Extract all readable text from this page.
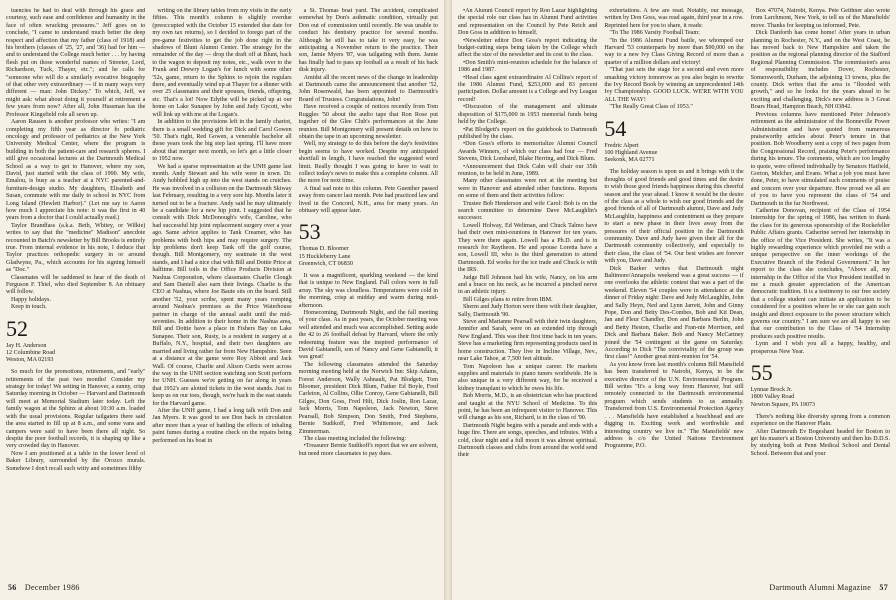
tuencies he had to deal with through his grace and courtesy, such ease and confidence and humanity in the face of often wracking pressures." Jeff goes on to conclude, "I came to understand much better the deep respect and affection that my father (class of 1918) and his brothers (classes of '25, '27, and '36) had for him — and to understand the College much better . . . by having flesh put on those wonderful names of Streeter, Lord, Richardson, Tuck, Thayer, etc."; and he calls for "someone who will do a similarly evocative biography of that other very extraordinary — if in many ways very different — man: John Dickey." To which, Jeff, we might ask: what about doing it yourself at retirement a few years from now? After all, John Hussman has the Professor Kingsfield role all sewn up.

Aaron Rausen is another professor who writes: "I am completing my fifth year as director fo pediatric oncology and professor of pediatrics at the New York University Medical Center, where the program is building in both the patient-care and research spheres. I still give occasional lectures at the Dartmouth Medical School as a way to get to Hanover, where my son, David, just started with the class of 1990. My wife, Emalou, is busy as a teacher at a NYC parented-and-furniture-design studio. My daughters, Elisabeth and Susan, commute with me daily to school in NYC from Long Island (Hewlett Harbor)." (Let me say to Aaron how much I appreciate his note: it was the first in 40 years from a doctor that I could actually read.)

Taylor Brandfass (a.k.a. Beth, Whitey, or Wilkie) writes to say that the "medicine" Madison" anecdote recounted in Batch's newsletter by Bill Brooks is entirely true. From internal evidence in his note, I deduce that Taylor practices orthopedic surgery in or around Gladwyne, Pa., which accounts for his signing himself as "Doc."

Classmates will be saddened to hear of the death of Ferguson F. Thiel, who died September 8. An obituary will follow.

Happy holidays.

Keep in touch.

52
Jay H. Anderson
12 Columbine Road
Weston, MA 02193

So much for the promotions, retirements, and "early" retirements of the past two months! Consider my strategy for today! We setting in Hanover, a sunny, crisp Saturday morning in October — Harvard and Dartmouth will meet at Memorial Stadium later today. Left the family wagon at the Sphinx at about 10:30 a.m. loaded with the usual provisions. Regular tailgaters there said the area started to fill up at 8 a.m., and some vans and campers were said to have been there all night. So despite the poor football records, it is shaping up like a very crowded day in Hanover.

Now I am positioned at a table in the lower level of Baker Library, surrounded by the Orozco murals. Somehow I don't recall such witty and sometimes filthy

writing on the library tables from my visits in the early fifties. This month's column is slightly overdue (preoccupied with the October 15 extended due date for my own tax returns), so I decided to forego part of the pre-game festivities to get the job done right in the shadows of Blunt Alumni Center. The strategy for the remainder of the day — drop the draft off at Blunt, back to the wagon to deposit my notes, etc., walk over to the Frank and Drewry Logan's for lunch with some other '52s, game, return to the Sphinx to rejoin the regulars there, and eventually wind up at Thayer for a dinner with over 25 classmates and their spouses, friends, offspring, etc. That's a lot! Now Edythe will be picked up at our home on Lake Sunapee by John and Judy Gycott, who will link up with me at the Logan's.

In addition to the provisions left in the family chariot, there is a small wedding gift for Dick and Carol Gowen '50. That's right, Red Gowen, a venerable bachelor all these years took the big step last spring. I'll have more about that merger next month, so let's get a little closer to 1952 now.

We had a sparse representation at the UNH game last month. Andy Stewart and his wife were in town. Dr. Andy hobbled high up into the west stands on crutches. He was involved in a collision on the Dartmouth Skiway last February, resulting in a very sore hip. Months later it turned out to be a fracture. Andy said he may ultimately be a candidate for a new hip joint. I suggested that he consult with Dick McDonough's wife, Caroline, who had successful hip joint replacement surgery over a year ago. Same advice applies to Tank Creamer, who has problems with both hips and may require surgery. The hip problems don't keep Tank off the golf course, though. Bill Montgomery, my seatmate in the west stands, and I had a nice chat with Bill and Dottie Price at halftime. Bill toils in the Office Products Division at Nashua Corporation, where classmates Charlie Clough and Sam Daniell also earn their livings. Charlie is the CEO at Nashua, where Joe Baute sits on the board. Still another '52, your scribe, spent many years romping around Nashua's premises as the Price Waterhouse partner in charge of the annual audit until the mid-seventies. In addition to their home in the Nashua area, Bill and Dottie have a place in Fishers Bay on Lake Sunapee. Their son, Rusty, is a resident in surgery at a Buffalo, N.Y., hospital, and their two daughters are married and living rather far from New Hampshire. Seen at a distance at the game were Roy Abbott and Jack Wall. Of course, Charlie and Alison Curtis were across the way in the UNH section watching son Scott perform for UNH. Guesses we're getting on far along in years that 1952's are alotted tickets in the west stands. Just to keep us on our toes, though, we're back in the east stands for the Harvard game.

After the UNH game, I had a long talk with Don and Jan Myers. It was good to see Don back in circulation after more than a year of battling the effects of inhaling paint fumes during a routine check on the repairs being performed on his boat in

a St. Thomas boat yard. The accident, complicated somewhat by Don's asthmatic condition, virtually put Don out of commission until recently. He was unable to conduct his dentistry practice for several months. Although he still has to take it very easy, he was anticipating a November return to the practice. Their son, Jamie Myers '87, was tailgating with them. Jamie has finally had to pass up football as a result of his back disk injury.

Amidst all the recent news of the change in leadership at Dartmouth came the announcement that another '52, John Rosenwald, has been appointed to Dartmouth's Board of Trustees. Congratulations, John!

Have received a couple of notices recently from Tom Ruggles '50 about the audio tape that Ron Rose put together of the Glee Club's performances at the June reunion. Bill Montgomery will present details on how to obtain the tape in an upcoming newsletter.

Well, my strategy to do this before the day's festivities begin seems to have worked. Despite my anticipated shortfall in length, I have reached the suggested word limit. Really thought I was going to have to wait to collect today's news to make this a complete column. All the more for next time.

A final sad note to this column. Pete Guenther passed away from cancer last month. Pete had practiced law and lived in the Concord, N.H., area for many years. An obituary will appear later.

53
Thomas D. Bloomer
15 Huckleberry Lane
Greenwich, CT 06830

It was a magnificent, sparkling weekend — the kind that is unique to New England. Fall colors were in full array. The sky was cloudless. Temperatures were cold in the morning, crisp at midday and warm during mid-afternoon.

Homecoming, Dartmouth Night, and the fall meeting of your class. As in past years, the October meeting was well attended and much was accomplished. Setting aside the 42 to 26 football defeat by Harvard, where the only redeeming feature was the inspired performance of David Gabianelli, son of Nancy and Gene Gabianelli, it was great!

The following classmates attended the Saturday morning meeting held at the Norwich Inn: Skip Adams, Forest Anderson, Wally Ashnault, Pat Blodgett, Tom Bloomer, president Dick Blum, Father Ed Boyle, Fred Carleton, Al Collins, Ollie Conroy, Gene Gabianelli, Bill Gilges, Don Goss, Fred Hilt, Dick Joslin, Ron Lazar, Jack Morris, Tom Napoleon, Jack Newton, Steve Pearsall, Bob Simpson, Don Smith, Fred Stephens, Bernie Sudikoff, Fred Whittemore, and Jack Zimmerman.

The class meeting included the following:

•Treasurer Bernie Sudikoff's report that we are solvent, but need more classmates to pay dues.

56 December 1986

•An Alumni Council report by Ron Lazar highlighting the special role our class has in Alumni Fund activities and representation on the Council by Pete Reich and Don Goss in addition to himself.

•Newsletter editor Don Goss's report indicating the budget-cutting steps being taken by the College which affect the size of the newsletter and its cost to the class.

•Don Smith's mini-reunion schedule for the balance of 1986 and 1987.

•Head class agent extraordinaire Al Collins's report of the 1986 Alumni Fund, $253,000 and 83 percent participation. Dollar amount is a College and Ivy League record!

•Discussion of the management and ultimate disposition of $175,000 in 1953 memorial funds being held by the College.

•Pat Blodgett's report on the guidebook to Dartmouth published by the class.

•Don Goss's efforts to memorialize Alumni Council Awards Winners, of which our class had four — Fred Stevens, Dick Lombard, Blake Herring, and Dick Blum.

•Announcement that Dick Cahn will chair our 35th reunion, to be held in June, 1989.

Many other classmates were not at the meeting but were in Hanover and attended other functions. Reports on some of them and their activities follow:

Trustee Bob Henderson and wife Carol: Bob is on the search committee to determine Dave McLaughlin's successor.

Lowell Holway, Ed Weltman, and Chuck Talmo have had their own mini-reunions in Hanover for ten years. They were there again. Lowell has a Ph.D. and is in research for Raytheon. He and spouse Loretta have a son, Lowell III, who is the third generation to attend Dartmouth. Ed works for the ice trade and Chuck is with the IRS.

Judge Bill Johnson had his wife, Nancy, on his arm and a brace on his neck, as he incurred a pinched nerve in an athletic injury.

Bill Gilges plans to retire from IBM.

Sherm and Judy Horton were there with their daughter, Sally, Dartmouth '90.

Steve and Marianne Pearsall with their twin daughters, Jennifer and Sarah, were on an extended trip through New England. This was their first time back in ten years. Steve has a marketing firm representing products used in home construction. They live in Incline Village, Nev., near Lake Tahoe, at 7,500 feet altitude.

Tom Napoleon has a unique career. He markets supplies and materials to piano tuners worldwide. He is also unique in a very different way, for he received a kidney transplant to which he owes his life.

Bob Morris, M.D., is an obstetrician who has practiced and taught at the NYU School of Medicine. To this point, he has been an infrequent visitor to Hanover. This will change as his son, Richard, is in the class of '90.

Dartmouth Night begins with a parade and ends with a huge fire. There are songs, speeches, and tributes. With a cold, clear night and a full moon it was almost spiritual. Dartmouth classes and clubs from around the world send their

exhortations. A few are read. Notably, our message, written by Don Goss, was read again, third year in a row. Reprinted here for you to share, it reads:

"To The 1986 Varsity Football Team:

"In the 1986 Alumni Fund battle, we whomped our Harvard '53 counterparts by more than $90,000 on the way to a new Ivy Class Giving Record of more than a quarter of a million dollars and victory!

"That just sets the stage for a second and even more smashing victory tomorrow as you also begin to rewrite the Ivy Record Book by winning an unprecedented 14th Ivy Championship. GOOD LUCK. WE'RE WITH YOU ALL THE WAY!

"The Really Great Class of 1953."

54
Fredric Alpert
100 Highland Avenue
Seekonk, MA 02771

The holiday season is upon us and it brings with it the thoughts of good friends and good times and the desire to wish those good friends happiness during this cheerful season and the year ahead. I know it would be the desire of the class as a whole to wish our good friends and the good friends of all of Dartmouth alumni, Dave and Judy McLaughlin, happiness and contentment as they prepare to start a new phase in their lives away from the pressures of their official position in the Dartmouth community. Dave and Judy have given their all for the Dartmouth community collectively, and especially to their class, the class of '54. Our best wishes are forever with you, Dave and Judy.

Dick Barker writes that Dartmouth night Baltimore/Annapolis weekend was a great success — if one overlooks the athletic contest that was a part of the weekend. Eleven '54 couples were in attendance at the dinner of Friday night: Dave and Judy McLaughlin, John and Sally Heyn, Ned and Lynn Jarrett, John and Ginny Pope, Don and Betty Des-Combes, Bob and Kit Dean, Jan and Fleur Chandler, Don and Barbara Berlin, John and Betty Heston, Charlie and Fran-nie Morrison, and Dick and Barbara Baker. Bob and Nancy McCartney joined the '54 contingent at the game on Saturday. According to Dick "The conviviality of the group was first class!" Another great mini-reunion for '54.

As you know from last month's column Bill Mansfield has been transferred to Nairobi, Kenya, to be the executive director of the U.N. Environmental Program. Bill writes "It's a long way from Hanover, but still remotely connected to the Dartmouth environmental program which sends students to us annually. Transferred from U.S. Environmental Protection Agency . . . Mansfields have established a beachhead and are digging in. Exciting work and worthwhile and interesting country we live in." The Mansfields' new address is c/o the United Nations Environment Programme, P.O.

Box 47074, Nairobi, Kenya. Pete Geithner also wrote from Larchmont, New York, to tell us of the Mansfields' move. Thanks for keeping us informed, Pete.

Dick Danforth has come home! After years in urban planning in Rochester, N.Y., and on the West Coast, he has moved back to New Hampshire and taken the position as the regional planning director of the Stafford Regional Planning Commission. The commission's area of responsibility includes Dover, Rochester, Somersworth, Durham, the adjoining 13 towns, plus the county. Dick writes that the area is "flooded with growth," and so he looks for the years ahead to be exciting and challenging. Dick's new address is 3 Great Boars Head, Hampton Beach, NH 03842.

Previous columns have mentioned Peter Johnson's retirement as the administrator of the Bonneville Power Administration and have quoted from numerous praiseworthy articles about Peter's tenure in that position. Bob Woodberry sent a copy of two pages from the Congressional Record, praising Peter's performance during his tenure. The comments, which are too lengthy to quote, were offered individually by Senators Hatfield, Gorton, Melcher, and Evans. What a job you must have done, Peter, to have stimulated such comments of praise and concern over your departure. How proud we all are of you to have you represent the class of '54 and Dartmouth in the far Northwest.

Catherine Donovan, recipient of the Class of 1954 Internship for the spring of 1986, has written to thank the class for its generous sponsorship of the Rockefeller Public Affairs grants. Catherine served her internship in the office of the Vice President. She writes, "It was a highly rewarding experience which provided me with a unique perspective on the inner workings of the Executive Branch of the Federal Government." In her report to the class she concludes, "Above all, my internship in the Office of the Vice President instilled in me a much greater appreciation of the American democratic tradition. It is a testimony to our free society that a college student can initiate an application to be considered for a position where he or she can gain such insight and direct exposure to the power structure which governs our country." I am sure we are all happy to see that our contribution to the Class of '54 Internship produces such positive results.

Lynn and I wish you all a happy, healthy, and prosperous New Year.

55
Lynnae Brock Jr.
1800 Valley Road
Newton Square, PA 19073

There's nothing like diversity sprung from a common experience on the Hanover Plain.

After Dartmouth Ev Bogeshani headed for Boston to get his master's at Boston University and then his D.D.S. by studying both at Penn Medical School and Dental School. Between that and your

Dartmouth Alumni Magazine 57
